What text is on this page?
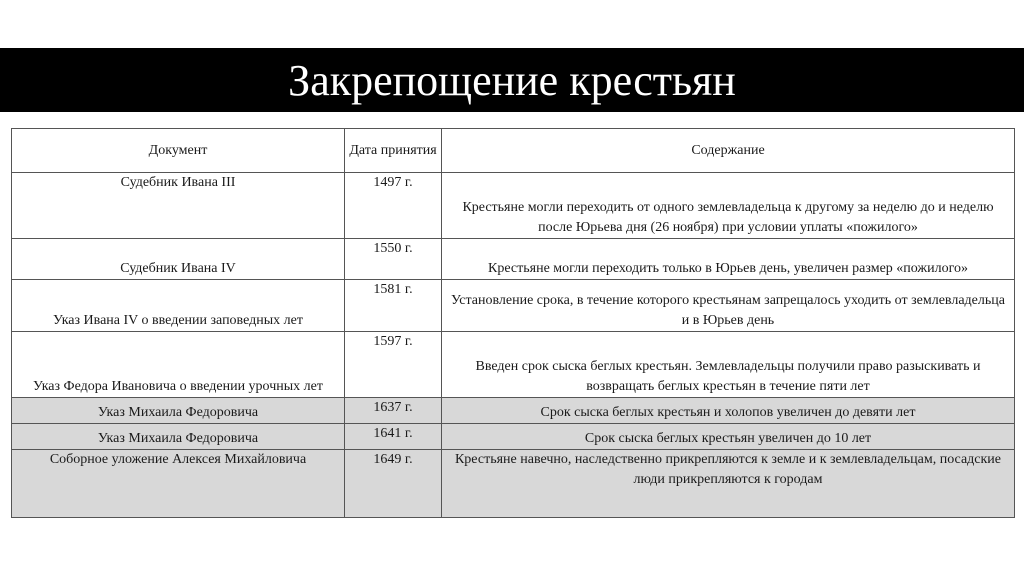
Закрепощение крестьян
Документ	Дата принятия	Содержание
Судебник Ивана III	1497 г.	Крестьяне могли переходить от одного землевладельца к другому за неделю до и неделю после Юрьева дня (26 ноября) при условии уплаты «пожилого»
Судебник Ивана IV	1550 г.	Крестьяне могли переходить только в Юрьев день, увеличен размер «пожилого»
Указ Ивана IV о введении заповедных лет	1581 г.	Установление срока, в течение которого крестьянам запрещалось уходить от землевладельца и в Юрьев день
Указ Федора Ивановича о введении урочных лет	1597 г.	Введен срок сыска беглых крестьян. Землевладельцы получили право разыскивать и возвращать беглых крестьян в течение пяти лет
Указ Михаила Федоровича	1637 г.	Срок сыска беглых крестьян и холопов увеличен до девяти лет
Указ Михаила Федоровича	1641 г.	Срок сыска беглых крестьян увеличен до 10 лет
Соборное уложение Алексея Михайловича	1649 г.	Крестьяне навечно, наследственно прикрепляются к земле и к землевладельцам, посадские люди прикрепляются к городам
